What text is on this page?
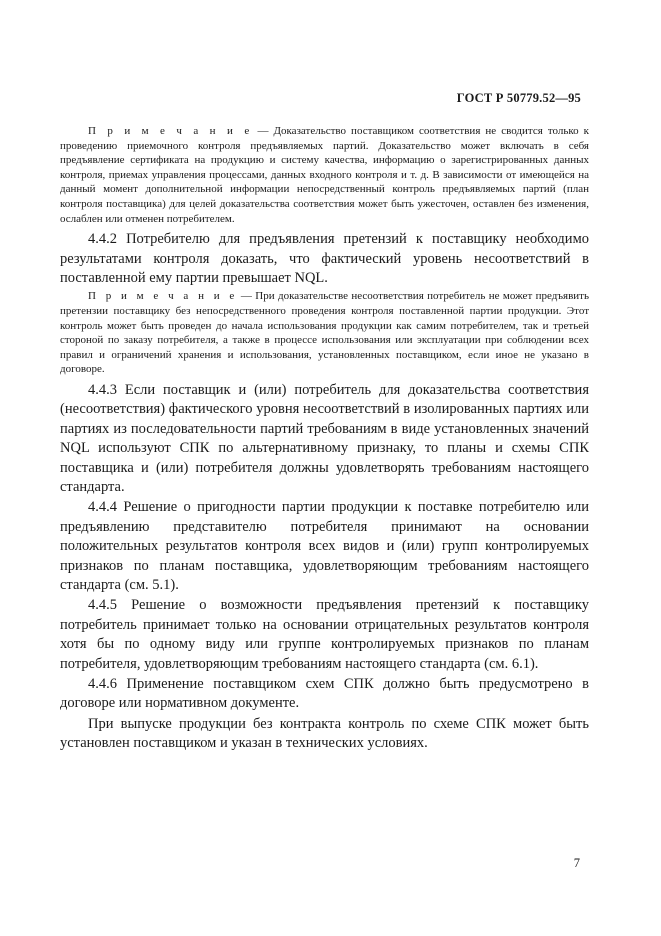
ГОСТ Р 50779.52—95

П р и м е ч а н и е — Доказательство поставщиком соответствия не сводится только к проведению приемочного контроля предъявляемых партий. Доказательство может включать в себя предъявление сертификата на продукцию и систему качества, информацию о зарегистрированных данных контроля, приемах управления процессами, данных входного контроля и т. д. В зависимости от имеющейся на данный момент дополнительной информации непосредственный контроль предъявляемых партий (план контроля поставщика) для целей доказательства соответствия может быть ужесточен, оставлен без изменения, ослаблен или отменен потребителем.

4.4.2 Потребителю для предъявления претензий к поставщику необходимо результатами контроля доказать, что фактический уровень несоответствий в поставленной ему партии превышает NQL.

П р и м е ч а н и е — При доказательстве несоответствия потребитель не может предъявить претензии поставщику без непосредственного проведения контроля поставленной партии продукции. Этот контроль может быть проведен до начала использования продукции как самим потребителем, так и третьей стороной по заказу потребителя, а также в процессе использования или эксплуатации при соблюдении всех правил и ограничений хранения и использования, установленных поставщиком, если иное не указано в договоре.

4.4.3 Если поставщик и (или) потребитель для доказательства соответствия (несоответствия) фактического уровня несоответствий в изолированных партиях или партиях из последовательности партий требованиям в виде установленных значений NQL используют СПК по альтернативному признаку, то планы и схемы СПК поставщика и (или) потребителя должны удовлетворять требованиям настоящего стандарта.

4.4.4 Решение о пригодности партии продукции к поставке потребителю или предъявлению представителю потребителя принимают на основании положительных результатов контроля всех видов и (или) групп контролируемых признаков по планам поставщика, удовлетворяющим требованиям настоящего стандарта (см. 5.1).

4.4.5 Решение о возможности предъявления претензий к поставщику потребитель принимает только на основании отрицательных результатов контроля хотя бы по одному виду или группе контролируемых признаков по планам потребителя, удовлетворяющим требованиям настоящего стандарта (см. 6.1).

4.4.6 Применение поставщиком схем СПК должно быть предусмотрено в договоре или нормативном документе.

При выпуске продукции без контракта контроль по схеме СПК может быть установлен поставщиком и указан в технических условиях.

7
